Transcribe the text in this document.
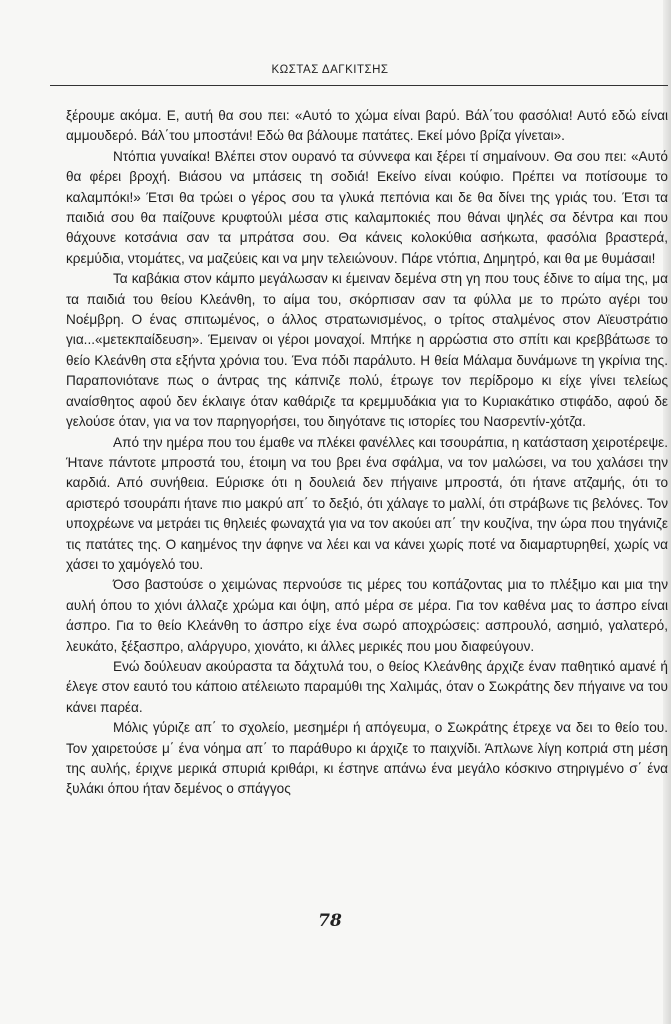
ΚΩΣΤΑΣ ΔΑΓΚΙΤΣΗΣ

ξέρουμε ακόμα. Ε, αυτή θα σου πει: «Αυτό το χώμα είναι βαρύ. Βάλ΄του φασόλια! Αυτό εδώ είναι αμμουδερό. Βάλ΄του μποστάνι! Εδώ θα βάλουμε πατάτες. Εκεί μόνο βρίζα γίνεται».

Ντόπια γυναίκα! Βλέπει στον ουρανό τα σύννεφα και ξέρει τί σημαίνουν. Θα σου πει: «Αυτό θα φέρει βροχή. Βιάσου να μπάσεις τη σοδιά! Εκείνο είναι κούφιο. Πρέπει να ποτίσουμε το καλαμπόκι!» Έτσι θα τρώει ο γέρος σου τα γλυκά πεπόνια και δε θα δίνει της γριάς του. Έτσι τα παιδιά σου θα παίζουνε κρυφτούλι μέσα στις καλαμποκιές που θάναι ψηλές σα δέντρα και που θάχουνε κοτσάνια σαν τα μπράτσα σου. Θα κάνεις κολοκύθια ασήκωτα, φασόλια βραστερά, κρεμύδια, ντομάτες, να μαζεύεις και να μην τελειώνουν. Πάρε ντόπια, Δημητρό, και θα με θυμάσαι!

Τα καβάκια στον κάμπο μεγάλωσαν κι έμειναν δεμένα στη γη που τους έδινε το αίμα της, μα τα παιδιά του θείου Κλεάνθη, το αίμα του, σκόρπισαν σαν τα φύλλα με το πρώτο αγέρι του Νοέμβρη. Ο ένας σπιτωμένος, ο άλλος στρατωνισμένος, ο τρίτος σταλμένος στον Αϊευστράτιο για...«μετεκπαίδευση». Έμειναν οι γέροι μοναχοί. Μπήκε η αρρώστια στο σπίτι και κρεββάτωσε το θείο Κλεάνθη στα εξήντα χρόνια του. Ένα πόδι παράλυτο. Η θεία Μάλαμα δυνάμωνε τη γκρίνια της. Παραπονιότανε πως ο άντρας της κάπνιζε πολύ, έτρωγε τον περίδρομο κι είχε γίνει τελείως αναίσθητος αφού δεν έκλαιγε όταν καθάριζε τα κρεμμυδάκια για το Κυριακάτικο στιφάδο, αφού δε γελούσε όταν, για να τον παρηγορήσει, του διηγότανε τις ιστορίες του Νασρεντίν-χότζα.

Από την ημέρα που του έμαθε να πλέκει φανέλλες και τσουράπια, η κατάσταση χειροτέρεψε. Ήτανε πάντοτε μπροστά του, έτοιμη να του βρει ένα σφάλμα, να τον μαλώσει, να του χαλάσει την καρδιά. Από συνήθεια. Εύρισκε ότι η δουλειά δεν πήγαινε μπροστά, ότι ήτανε ατζαμής, ότι το αριστερό τσουράπι ήτανε πιο μακρύ απ΄ το δεξιό, ότι χάλαγε το μαλλί, ότι στράβωνε τις βελόνες. Τον υποχρέωνε να μετράει τις θηλειές φωναχτά για να τον ακούει απ΄ την κουζίνα, την ώρα που τηγάνιζε τις πατάτες της. Ο καημένος την άφηνε να λέει και να κάνει χωρίς ποτέ να διαμαρτυρηθεί, χωρίς να χάσει το χαμόγελό του.

Όσο βαστούσε ο χειμώνας περνούσε τις μέρες του κοπάζοντας μια το πλέξιμο και μια την αυλή όπου το χιόνι άλλαζε χρώμα και όψη, από μέρα σε μέρα. Για τον καθένα μας το άσπρο είναι άσπρο. Για το θείο Κλεάνθη το άσπρο είχε ένα σωρό αποχρώσεις: ασπρουλό, ασημιό, γαλατερό, λευκάτο, ξέξασπρο, αλάργυρο, χιονάτο, κι άλλες μερικές που μου διαφεύγουν.

Ενώ δούλευαν ακούραστα τα δάχτυλά του, ο θείος Κλεάνθης άρχιζε έναν παθητικό αμανέ ή έλεγε στον εαυτό του κάποιο ατέλειωτο παραμύθι της Χαλιμάς, όταν ο Σωκράτης δεν πήγαινε να του κάνει παρέα.

Μόλις γύριζε απ΄ το σχολείο, μεσημέρι ή απόγευμα, ο Σωκράτης έτρεχε να δει το θείο του. Τον χαιρετούσε μ΄ ένα νόημα απ΄ το παράθυρο κι άρχιζε το παιχνίδι. Άπλωνε λίγη κοπριά στη μέση της αυλής, έριχνε μερικά σπυριά κριθάρι, κι έστηνε απάνω ένα μεγάλο κόσκινο στηριγμένο σ΄ ένα ξυλάκι όπου ήταν δεμένος ο σπάγγος

78
